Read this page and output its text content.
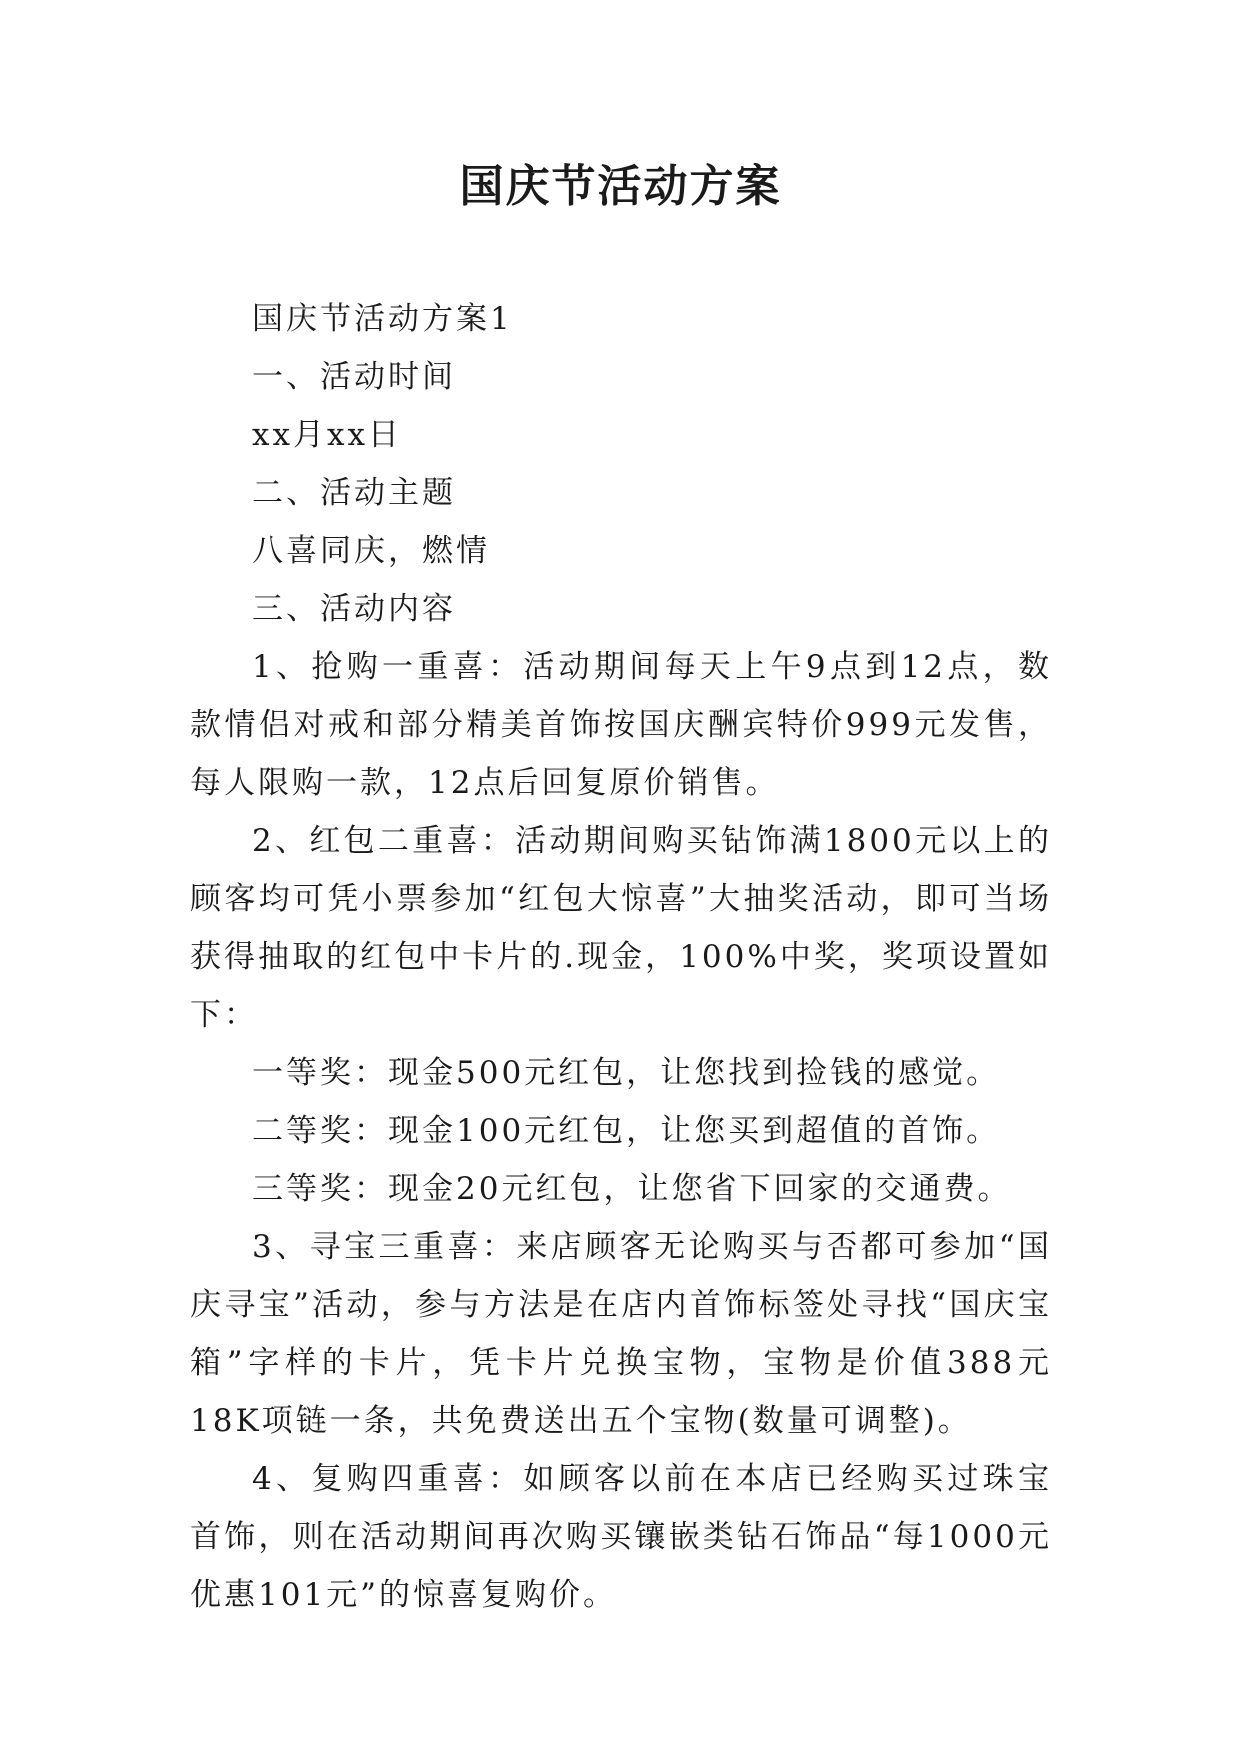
国庆节活动方案

国庆节活动方案1

一、活动时间

xx月xx日

二、活动主题

八喜同庆，燃情

三、活动内容

1、抢购一重喜：活动期间每天上午9点到12点，数款情侣对戒和部分精美首饰按国庆酬宾特价999元发售，每人限购一款，12点后回复原价销售。

2、红包二重喜：活动期间购买钻饰满1800元以上的顾客均可凭小票参加“红包大惊喜”大抽奖活动，即可当场获得抽取的红包中卡片的.现金，100%中奖，奖项设置如下：

一等奖：现金500元红包，让您找到捡钱的感觉。

二等奖：现金100元红包，让您买到超值的首饰。

三等奖：现金20元红包，让您省下回家的交通费。

3、寻宝三重喜：来店顾客无论购买与否都可参加“国庆寻宝”活动，参与方法是在店内首饰标签处寻找“国庆宝箱”字样的卡片，凭卡片兑换宝物，宝物是价值388元18K项链一条，共免费送出五个宝物(数量可调整)。

4、复购四重喜：如顾客以前在本店已经购买过珠宝首饰，则在活动期间再次购买镶嵌类钻石饰品“每1000元优惠101元”的惊喜复购价。
